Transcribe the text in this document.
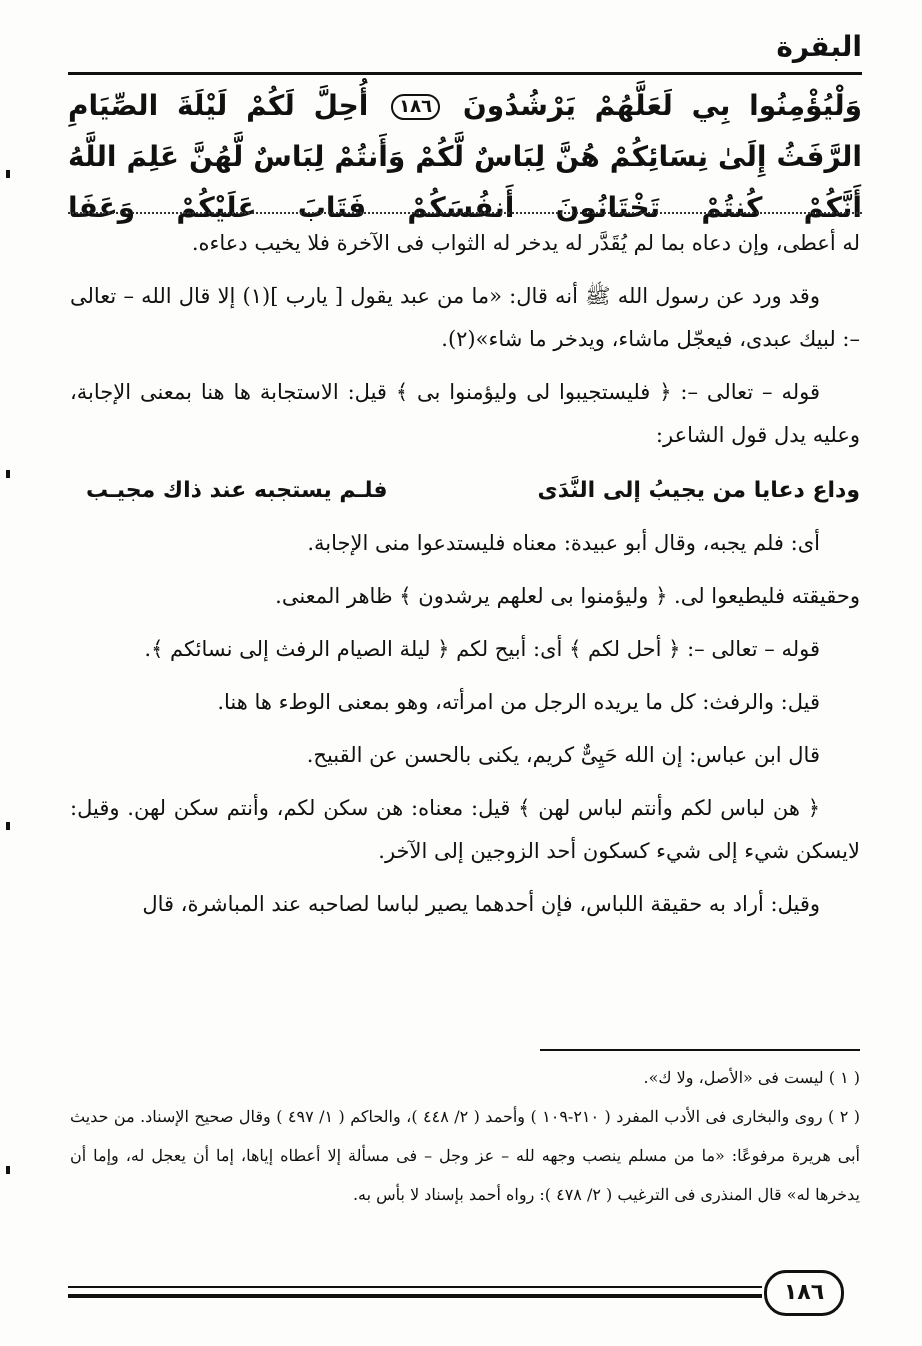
البقرة
وَلْيُؤْمِنُوا بِي لَعَلَّهُمْ يَرْشُدُونَ ١٨٦ أُحِلَّ لَكُمْ لَيْلَةَ الصِّيَامِ الرَّفَثُ إِلَىٰ نِسَائِكُمْ هُنَّ لِبَاسٌ لَّكُمْ وَأَنتُمْ لِبَاسٌ لَّهُنَّ عَلِمَ اللَّهُ أَنَّكُمْ كُنتُمْ تَخْتَانُونَ أَنفُسَكُمْ فَتَابَ عَلَيْكُمْ وَعَفَا

له أعطى، وإن دعاه بما لم يُقَدَّر له يدخر له الثواب فى الآخرة فلا يخيب دعاءه.

وقد ورد عن رسول الله ﷺ أنه قال: «ما من عبد يقول [ يارب ](١) إلا قال الله – تعالى –: لبيك عبدى، فيعجّل ماشاء، ويدخر ما شاء»(٢).

قوله – تعالى –: ﴿ فليستجيبوا لى وليؤمنوا بى ﴾ قيل: الاستجابة ها هنا بمعنى الإجابة، وعليه يدل قول الشاعر:

وداع دعايا من يجيبُ إلى النَّدَى
فلـم يستجبه عند ذاك مجيـب

أى: فلم يجبه، وقال أبو عبيدة: معناه فليستدعوا منى الإجابة.

وحقيقته فليطيعوا لى. ﴿ وليؤمنوا بى لعلهم يرشدون ﴾ ظاهر المعنى.

قوله – تعالى –: ﴿ أحل لكم ﴾ أى: أبيح لكم ﴿ ليلة الصيام الرفث إلى نسائكم ﴾.

قيل: والرفث: كل ما يريده الرجل من امرأته، وهو بمعنى الوطء ها هنا.

قال ابن عباس: إن الله حَيِىٌّ كريم، يكنى بالحسن عن القبيح.

﴿ هن لباس لكم وأنتم لباس لهن ﴾ قيل: معناه: هن سكن لكم، وأنتم سكن لهن. وقيل: لايسكن شيء إلى شيء كسكون أحد الزوجين إلى الآخر.

وقيل: أراد به حقيقة اللباس، فإن أحدهما يصير لباسا لصاحبه عند المباشرة، قال

( ١ ) ليست فى «الأصل، ولا ك».

( ٢ ) روى والبخارى فى الأدب المفرد ( ٢١٠-١٠٩ ) وأحمد ( ٢/ ٤٤٨ )، والحاكم ( ١/ ٤٩٧ ) وقال صحيح الإسناد. من حديث أبى هريرة مرفوعًا: «ما من مسلم ينصب وجهه لله – عز وجل – فى مسألة إلا أعطاه إياها، إما أن يعجل له، وإما أن يدخرها له» قال المنذرى فى الترغيب ( ٢/ ٤٧٨ ): رواه أحمد بإسناد لا بأس به.

١٨٦
